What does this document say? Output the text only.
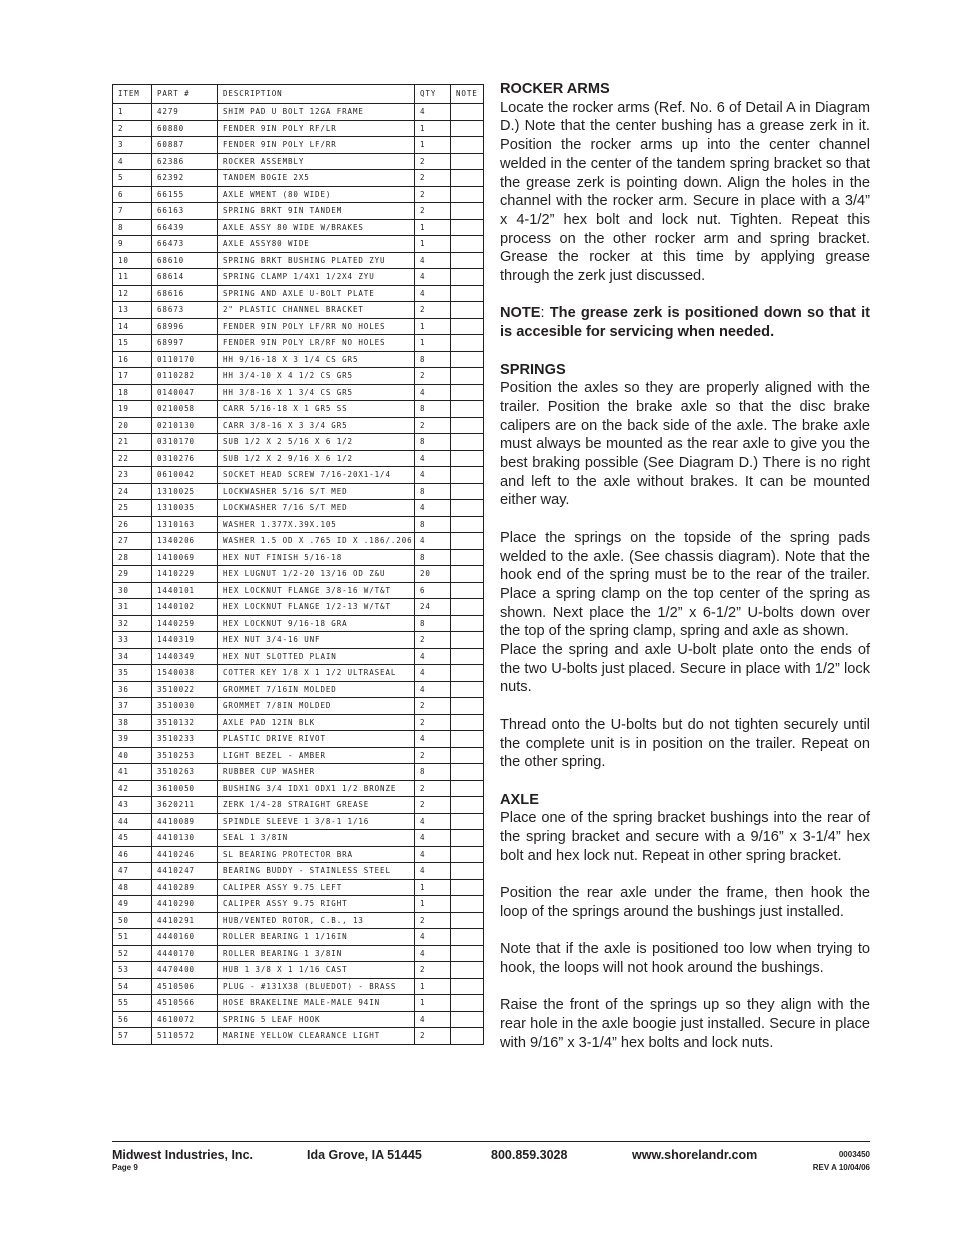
ITEM	PART #	DESCRIPTION	QTY	NOTE
1	4279	SHIM PAD U BOLT 12GA FRAME	4	
2	60880	FENDER 9IN POLY RF/LR	1	
3	60887	FENDER 9IN POLY LF/RR	1	
4	62386	ROCKER ASSEMBLY	2	
5	62392	TANDEM BOGIE 2X5	2	
6	66155	AXLE WMENT (80 WIDE)	2	
7	66163	SPRING BRKT 9IN TANDEM	2	
8	66439	AXLE ASSY 80 WIDE W/BRAKES	1	
9	66473	AXLE ASSY80 WIDE	1	
10	68610	SPRING BRKT BUSHING PLATED ZYU	4	
11	68614	SPRING CLAMP 1/4X1 1/2X4 ZYU	4	
12	68616	SPRING AND AXLE U-BOLT PLATE	4	
13	68673	2" PLASTIC CHANNEL BRACKET	2	
14	68996	FENDER 9IN POLY LF/RR NO HOLES	1	
15	68997	FENDER 9IN POLY LR/RF NO HOLES	1	
16	0110170	HH 9/16-18 X 3 1/4 CS GR5	8	
17	0110282	HH 3/4-10 X 4 1/2 CS GR5	2	
18	0140047	HH 3/8-16 X 1 3/4 CS GR5	4	
19	0210058	CARR 5/16-18 X 1 GR5 SS	8	
20	0210130	CARR 3/8-16 X 3 3/4 GR5	2	
21	0310170	SUB 1/2 X 2 5/16 X 6 1/2	8	
22	0310276	SUB 1/2 X 2 9/16 X 6 1/2	4	
23	0610042	SOCKET HEAD SCREW 7/16-20X1-1/4	4	
24	1310025	LOCKWASHER 5/16 S/T MED	8	
25	1310035	LOCKWASHER 7/16 S/T MED	4	
26	1310163	WASHER 1.377X.39X.105	8	
27	1340206	WASHER 1.5 OD X .765 ID X .186/.206	4	
28	1410069	HEX NUT FINISH 5/16-18	8	
29	1410229	HEX LUGNUT 1/2-20 13/16 OD Z&U	20	
30	1440101	HEX LOCKNUT FLANGE 3/8-16 W/T&T	6	
31	1440102	HEX LOCKNUT FLANGE 1/2-13 W/T&T	24	
32	1440259	HEX LOCKNUT 9/16-18 GRA	8	
33	1440319	HEX NUT 3/4-16 UNF	2	
34	1440349	HEX NUT SLOTTED PLAIN	4	
35	1540038	COTTER KEY 1/8 X 1 1/2 ULTRASEAL	4	
36	3510022	GROMMET 7/16IN MOLDED	4	
37	3510030	GROMMET 7/8IN MOLDED	2	
38	3510132	AXLE PAD 12IN BLK	2	
39	3510233	PLASTIC DRIVE RIVOT	4	
40	3510253	LIGHT BEZEL - AMBER	2	
41	3510263	RUBBER CUP WASHER	8	
42	3610050	BUSHING 3/4 IDX1 ODX1 1/2 BRONZE	2	
43	3620211	ZERK 1/4-28 STRAIGHT GREASE	2	
44	4410089	SPINDLE SLEEVE 1 3/8-1 1/16	4	
45	4410130	SEAL 1 3/8IN	4	
46	4410246	SL BEARING PROTECTOR BRA	4	
47	4410247	BEARING BUDDY - STAINLESS STEEL	4	
48	4410289	CALIPER ASSY 9.75 LEFT	1	
49	4410290	CALIPER ASSY 9.75 RIGHT	1	
50	4410291	HUB/VENTED ROTOR, C.B., 13	2	
51	4440160	ROLLER BEARING 1 1/16IN	4	
52	4440170	ROLLER BEARING 1 3/8IN	4	
53	4470400	HUB 1 3/8 X 1 1/16 CAST	2	
54	4510506	PLUG - #131X38 (BLUEDOT) - BRASS	1	
55	4510566	HOSE BRAKELINE MALE-MALE 94IN	1	
56	4610072	SPRING 5 LEAF HOOK	4	
57	5110572	MARINE YELLOW CLEARANCE LIGHT	2	
ROCKER ARMS

Locate the rocker arms (Ref. No. 6 of Detail A in Diagram D.) Note that the center bushing has a grease zerk in it. Position the rocker arms up into the center channel welded in the center of the tandem spring bracket so that the grease zerk is pointing down. Align the holes in the channel with the rocker arm. Secure in place with a 3/4” x 4-1/2” hex bolt and lock nut. Tighten. Repeat this process on the other rocker arm and spring bracket. Grease the rocker at this time by applying grease through the zerk just discussed.

NOTE: The grease zerk is positioned down so that it is accesible for servicing when needed.

SPRINGS

Position the axles so they are properly aligned with the trailer. Position the brake axle so that the disc brake calipers are on the back side of the axle. The brake axle must always be mounted as the rear axle to give you the best braking possible (See Diagram D.) There is no right and left to the axle without brakes. It can be mounted either way.

Place the springs on the topside of the spring pads welded to the axle. (See chassis diagram). Note that the hook end of the spring must be to the rear of the trailer. Place a spring clamp on the top center of the spring as shown. Next place the 1/2” x 6-1/2” U-bolts down over the top of the spring clamp, spring and axle as shown.

Place the spring and axle U-bolt plate onto the ends of the two U-bolts just placed. Secure in place with 1/2” lock nuts.

Thread onto the U-bolts but do not tighten securely until the complete unit is in position on the trailer. Repeat on the other spring.

AXLE

Place one of the spring bracket bushings into the rear of the spring bracket and secure with a 9/16” x 3-1/4” hex bolt and hex lock nut. Repeat in other spring bracket.

Position the rear axle under the frame, then hook the loop of the springs around the bushings just installed.

Note that if the axle is positioned too low when trying to hook, the loops will not hook around the bushings.

Raise the front of the springs up so they align with the rear hole in the axle boogie just installed. Secure in place with 9/16” x 3-1/4” hex bolts and lock nuts.

Midwest Industries, Inc.	Ida Grove, IA 51445	800.859.3028	www.shorelandr.com	0003450
Page 9	REV A 10/04/06
